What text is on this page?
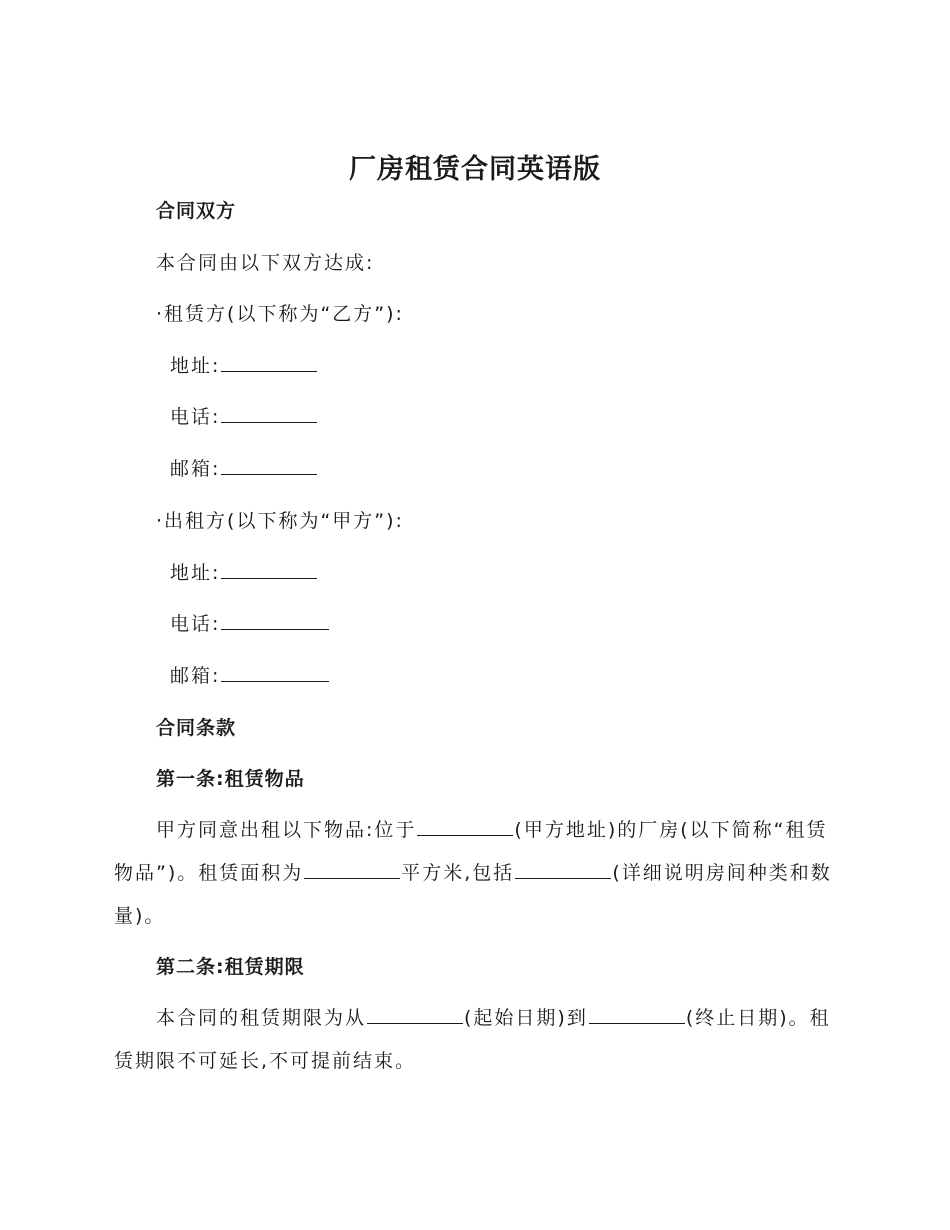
厂房租赁合同英语版
合同双方
本合同由以下双方达成:
·租赁方(以下称为“乙方”):
地址:
电话:
邮箱:
·出租方(以下称为“甲方”):
地址:
电话:
邮箱:
合同条款
第一条:租赁物品
甲方同意出租以下物品:位于	(甲方地址)的厂房(以下简称“租赁物品”)。租赁面积为	平方米,包括	(详细说明房间种类和数量)。
第二条:租赁期限
本合同的租赁期限为从	(起始日期)到	(终止日期)。租赁期限不可延长,不可提前结束。
